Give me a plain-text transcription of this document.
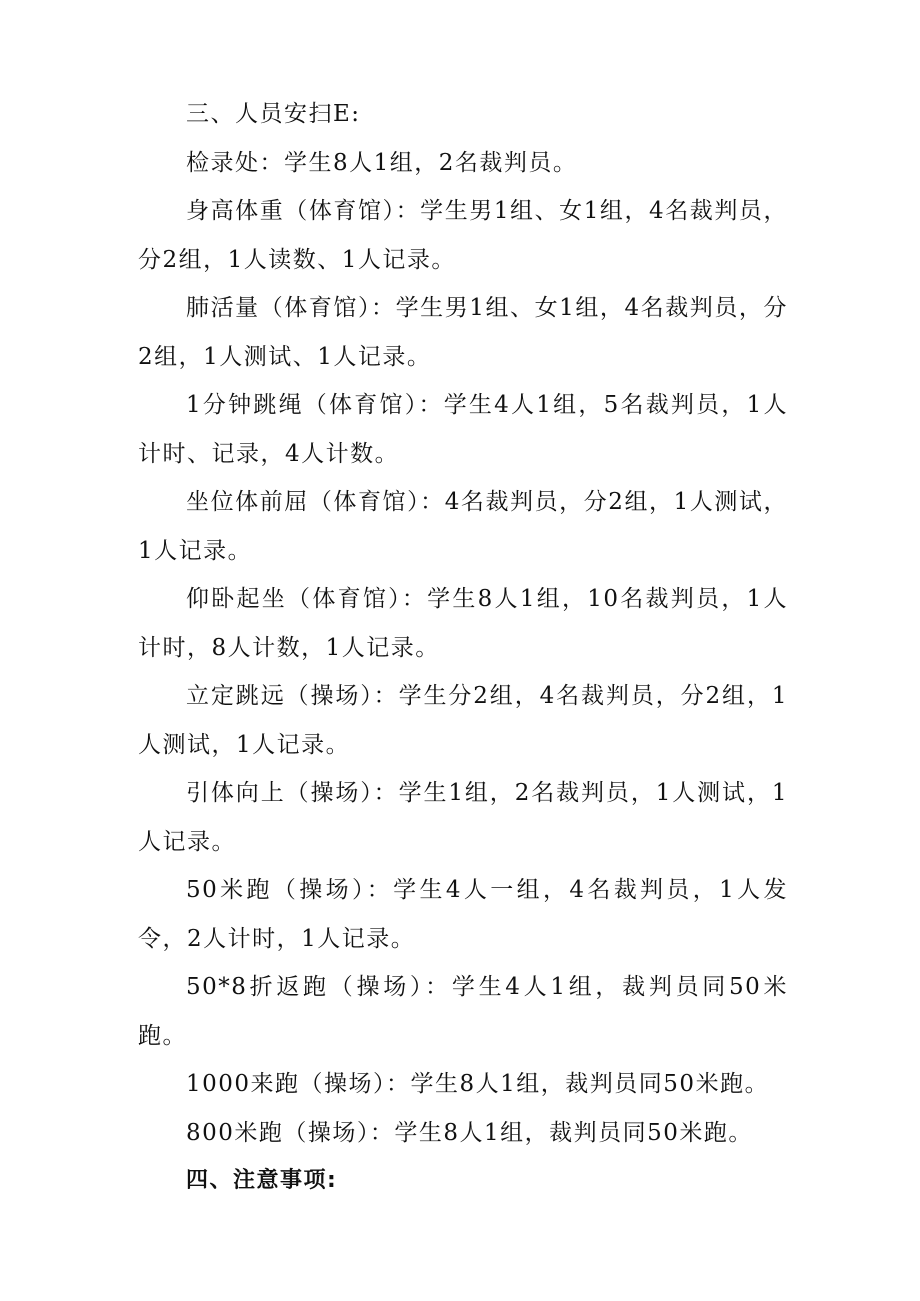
三、人员安扫E:

检录处：学生8人1组，2名裁判员。

身高体重（体育馆）：学生男1组、女1组，4名裁判员，分2组，1人读数、1人记录。

肺活量（体育馆）：学生男1组、女1组，4名裁判员，分2组，1人测试、1人记录。

1分钟跳绳（体育馆）：学生4人1组，5名裁判员，1人计时、记录，4人计数。

坐位体前屈（体育馆）：4名裁判员，分2组，1人测试，1人记录。

仰卧起坐（体育馆）：学生8人1组，10名裁判员，1人计时，8人计数，1人记录。

立定跳远（操场）：学生分2组，4名裁判员，分2组，1人测试，1人记录。

引体向上（操场）：学生1组，2名裁判员，1人测试，1人记录。

50米跑（操场）：学生4人一组，4名裁判员，1人发令，2人计时，1人记录。

50*8折返跑（操场）：学生4人1组，裁判员同50米跑。

1000来跑（操场）：学生8人1组，裁判员同50米跑。

800米跑（操场）：学生8人1组，裁判员同50米跑。

四、注意事项:
